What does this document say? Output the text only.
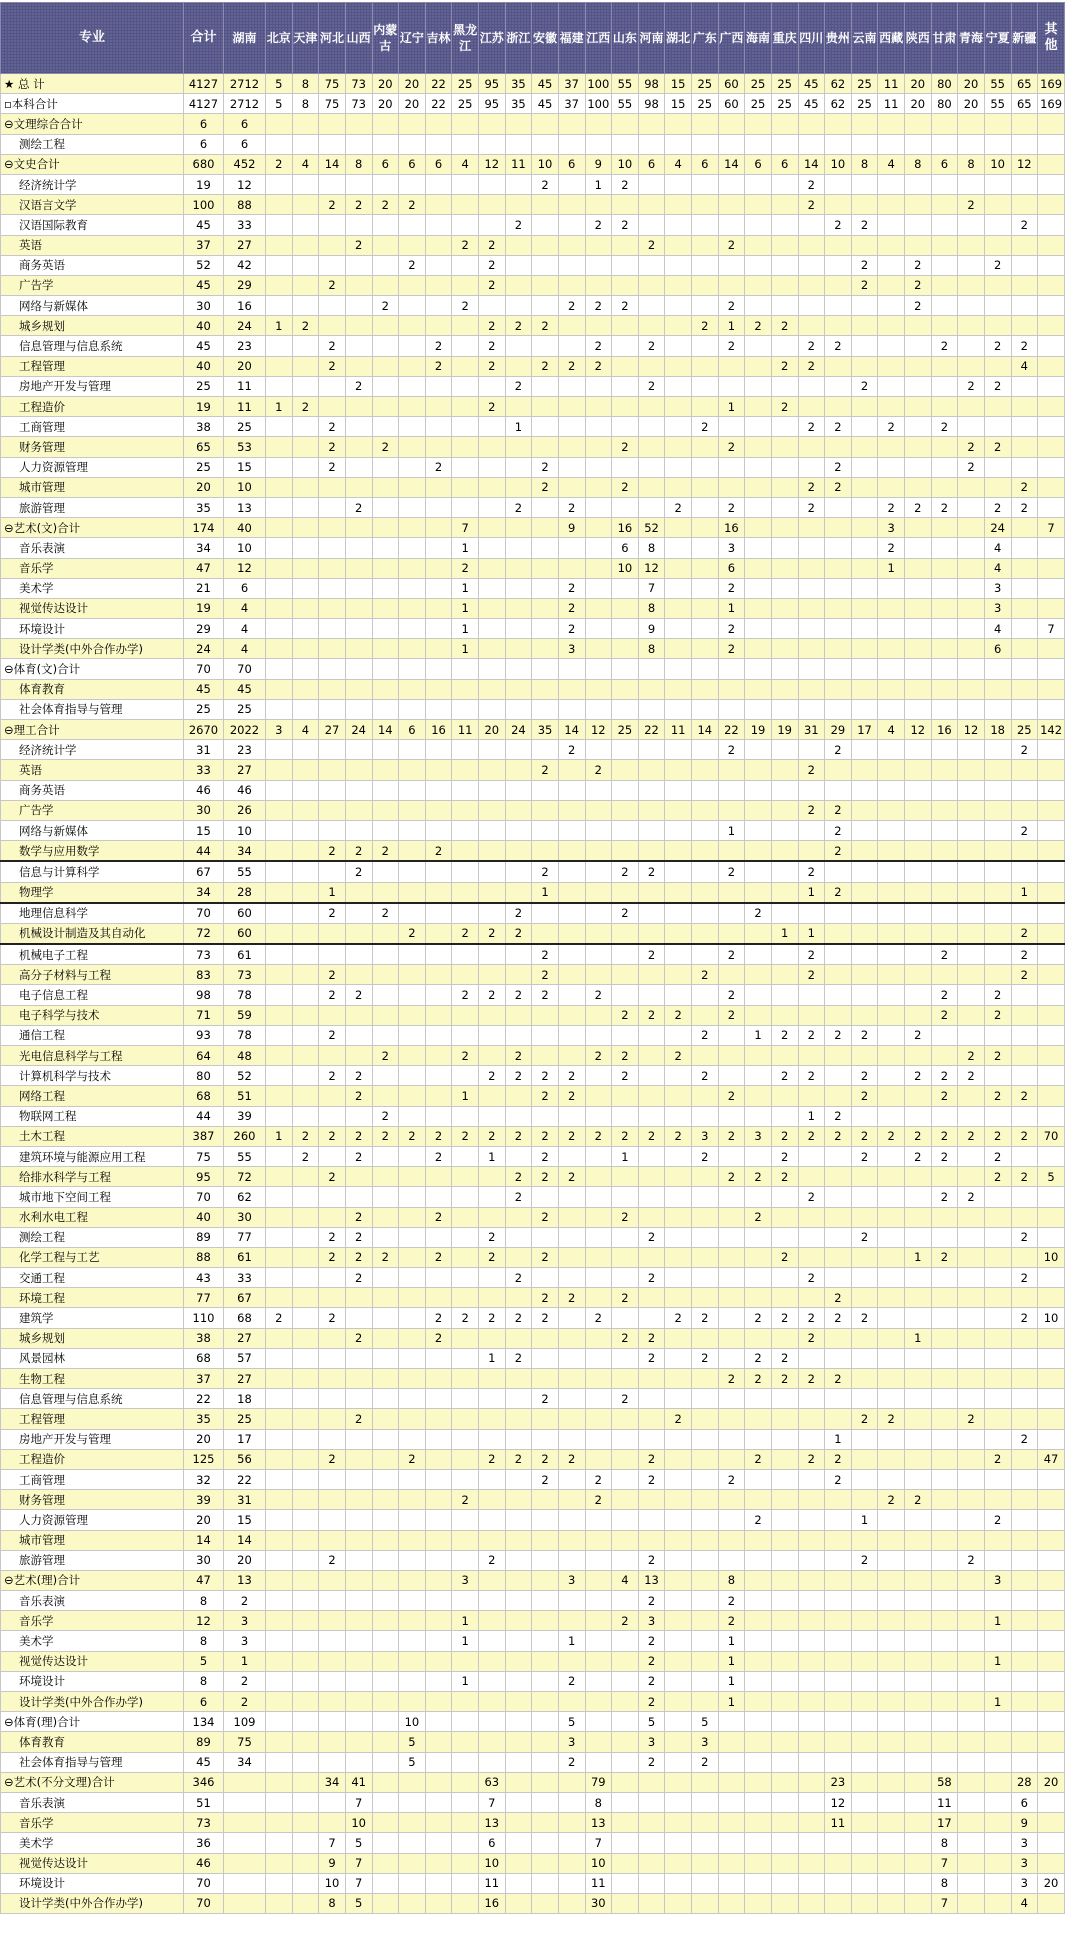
专业	合计	湖南	北京	天津	河北	山西	内蒙古	辽宁	吉林	黑龙江	江苏	浙江	安徽	福建	江西	山东	河南	湖北	广东	广西	海南	重庆	四川	贵州	云南	西藏	陕西	甘肃	青海	宁夏	新疆	其他
★ 总 计	4127	2712	5	8	75	73	20	20	22	25	95	35	45	37	100	55	98	15	25	60	25	25	45	62	25	11	20	80	20	55	65	169
▫本科合计	4127	2712	5	8	75	73	20	20	22	25	95	35	45	37	100	55	98	15	25	60	25	25	45	62	25	11	20	80	20	55	65	169
⊖文理综合合计	6	6																														
测绘工程	6	6																														
⊖文史合计	680	452	2	4	14	8	6	6	6	4	12	11	10	6	9	10	6	4	6	14	6	6	14	10	8	4	8	6	8	10	12	
经济统计学	19	12											2		1	2							2									
汉语言文学	100	88			2	2	2	2															2						2			
汉语国际教育	45	33										2			2	2								2	2						2	
英语	37	27				2				2	2						2			2												
商务英语	52	42						2			2														2		2			2		
广告学	45	29			2						2														2		2					
网络与新媒体	30	16					2			2				2	2	2				2							2					
城乡规划	40	24	1	2							2	2	2						2	1	2	2										
信息管理与信息系统	45	23			2				2		2				2		2			2			2	2				2		2	2	
工程管理	40	20			2				2		2		2	2	2							2	2								4	
房地产开发与管理	25	11				2						2					2								2				2	2		
工程造价	19	11	1	2							2									1		2										
工商管理	38	25			2							1							2				2	2		2		2				
财务管理	65	53			2		2									2				2									2	2		
人力资源管理	25	15			2				2				2											2					2			
城市管理	20	10											2			2							2	2							2	
旅游管理	35	13				2						2		2				2		2			2			2	2	2		2	2	
⊖艺术(文)合计	174	40								7				9		16	52			16						3				24		7
音乐表演	34	10								1						6	8			3						2				4		
音乐学	47	12								2						10	12			6						1				4		
美术学	21	6								1				2			7			2										3		
视觉传达设计	19	4								1				2			8			1										3		
环境设计	29	4								1				2			9			2										4		7
设计学类(中外合作办学)	24	4								1				3			8			2										6		
⊖体育(文)合计	70	70																														
体育教育	45	45																														
社会体育指导与管理	25	25																														
⊖理工合计	2670	2022	3	4	27	24	14	6	16	11	20	24	35	14	12	25	22	11	14	22	19	19	31	29	17	4	12	16	12	18	25	142
经济统计学	31	23												2						2				2							2	
英语	33	27											2		2								2									
商务英语	46	46																														
广告学	30	26																					2	2								
网络与新媒体	15	10																		1				2							2	
数学与应用数学	44	34			2	2	2		2															2								
信息与计算科学	67	55				2							2			2	2			2			2									
物理学	34	28			1								1										1	2							1	
地理信息科学	70	60			2		2					2				2					2											
机械设计制造及其自动化	72	60						2		2	2	2										1	1								2	
机械电子工程	73	61											2				2			2			2					2			2	
高分子材料与工程	83	73			2								2						2				2								2	
电子信息工程	98	78			2	2				2	2	2	2		2					2								2		2		
电子科学与技术	71	59														2	2	2		2								2		2		
通信工程	93	78			2														2		1	2	2	2	2		2					
光电信息科学与工程	64	48					2			2		2			2	2		2											2	2		
计算机科学与技术	80	52			2	2					2	2	2	2		2			2			2	2		2		2	2	2			
网络工程	68	51				2				1			2	2						2					2			2		2	2	
物联网工程	44	39					2																1	2								
土木工程	387	260	1	2	2	2	2	2	2	2	2	2	2	2	2	2	2	2	3	2	3	2	2	2	2	2	2	2	2	2	2	70
建筑环境与能源应用工程	75	55		2		2			2		1		2			1			2			2			2		2	2		2		
给排水科学与工程	95	72			2							2	2	2						2	2	2								2	2	5
城市地下空间工程	70	62										2											2					2	2			
水利水电工程	40	30				2			2				2			2					2											
测绘工程	89	77			2	2					2						2								2						2	
化学工程与工艺	88	61			2	2	2		2		2		2									2					1	2				10
交通工程	43	33				2						2					2						2								2	
环境工程	77	67											2	2		2								2								
建筑学	110	68	2		2				2	2	2	2	2		2			2	2		2	2	2	2	2						2	10
城乡规划	38	27				2			2							2	2						2				1					
风景园林	68	57									1	2					2		2		2	2										
生物工程	37	27																		2	2	2	2	2								
信息管理与信息系统	22	18											2			2																
工程管理	35	25				2												2							2	2			2			
房地产开发与管理	20	17																						1							2	
工程造价	125	56			2			2			2	2	2	2			2				2		2	2						2		47
工商管理	32	22											2		2		2			2				2								
财务管理	39	31								2					2											2	2					
人力资源管理	20	15																			2				1					2		
城市管理	14	14																														
旅游管理	30	20			2						2						2								2				2			
⊖艺术(理)合计	47	13								3				3		4	13			8										3		
音乐表演	8	2															2			2												
音乐学	12	3								1						2	3			2										1		
美术学	8	3								1				1			2			1												
视觉传达设计	5	1															2			1										1		
环境设计	8	2								1				2			2			1												
设计学类(中外合作办学)	6	2															2			1										1		
⊖体育(理)合计	134	109						10						5			5		5													
体育教育	89	75						5						3			3		3													
社会体育指导与管理	45	34						5						2			2		2													
⊖艺术(不分文理)合计	346				34	41					63				79									23				58			28	20
音乐表演	51					7					7				8									12				11			6	
音乐学	73					10					13				13									11				17			9	
美术学	36				7	5					6				7													8			3	
视觉传达设计	46				9	7					10				10													7			3	
环境设计	70				10	7					11				11													8			3	20
设计学类(中外合作办学)	70				8	5					16				30													7			4	
